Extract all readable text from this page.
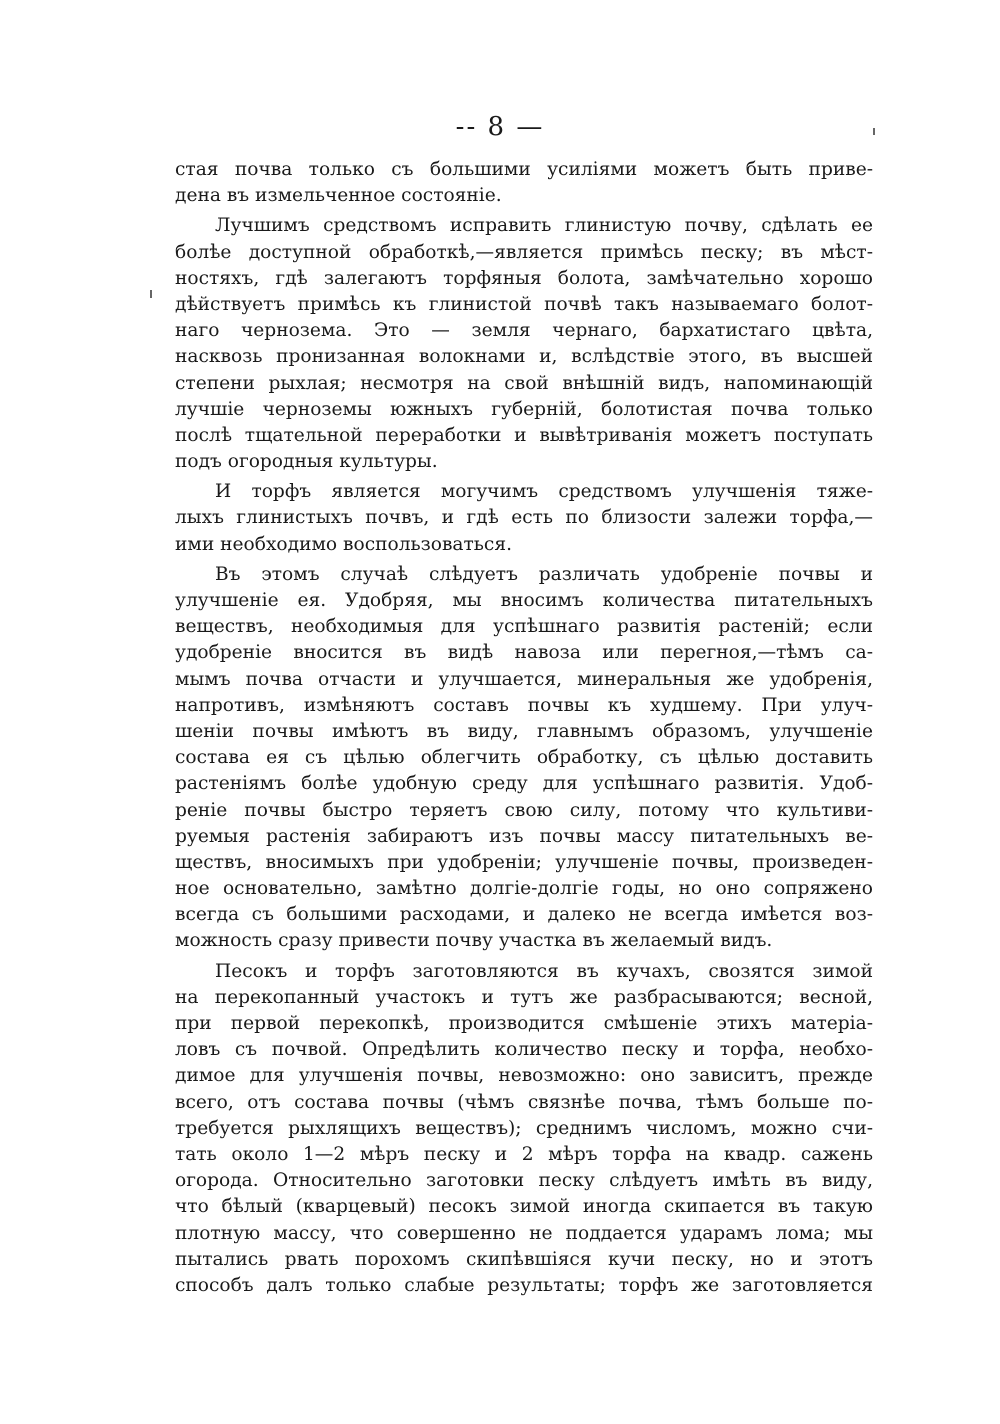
-- 8 —
стая почва только съ большими усиліями можетъ быть приве-
дена въ измельченное состояніе.
Лучшимъ средствомъ исправить глинистую почву, сдѣлать ее
болѣе доступной обработкѣ,—является примѣсь песку; въ мѣст-
ностяхъ, гдѣ залегаютъ торфяныя болота, замѣчательно хорошо
дѣйствуетъ примѣсь къ глинистой почвѣ такъ называемаго болот-
наго чернозема. Это — земля чернаго, бархатистаго цвѣта,
насквозь пронизанная волокнами и, вслѣдствіе этого, въ высшей
степени рыхлая; несмотря на свой внѣшній видъ, напоминающій
лучшіе черноземы южныхъ губерній, болотистая почва только
послѣ тщательной переработки и вывѣтриванія можетъ поступать
подъ огородныя культуры.
И торфъ является могучимъ средствомъ улучшенія тяже-
лыхъ глинистыхъ почвъ, и гдѣ есть по близости залежи торфа,—
ими необходимо воспользоваться.
Въ этомъ случаѣ слѣдуетъ различать удобреніе почвы и
улучшеніе ея. Удобряя, мы вносимъ количества питательныхъ
веществъ, необходимыя для успѣшнаго развитія растеній; если
удобреніе вносится въ видѣ навоза или перегноя,—тѣмъ са-
мымъ почва отчасти и улучшается, минеральныя же удобренія,
напротивъ, измѣняютъ составъ почвы къ худшему. При улуч-
шеніи почвы имѣютъ въ виду, главнымъ образомъ, улучшеніе
состава ея съ цѣлью облегчить обработку, съ цѣлью доставить
растеніямъ болѣе удобную среду для успѣшнаго развитія. Удоб-
реніе почвы быстро теряетъ свою силу, потому что культиви-
руемыя растенія забираютъ изъ почвы массу питательныхъ ве-
ществъ, вносимыхъ при удобреніи; улучшеніе почвы, произведен-
ное основательно, замѣтно долгіе-долгіе годы, но оно сопряжено
всегда съ большими расходами, и далеко не всегда имѣется воз-
можность сразу привести почву участка въ желаемый видъ.
Песокъ и торфъ заготовляются въ кучахъ, свозятся зимой
на перекопанный участокъ и тутъ же разбрасываются; весной,
при первой перекопкѣ, производится смѣшеніе этихъ матеріа-
ловъ съ почвой. Опредѣлить количество песку и торфа, необхо-
димое для улучшенія почвы, невозможно: оно зависитъ, прежде
всего, отъ состава почвы (чѣмъ связнѣе почва, тѣмъ больше по-
требуется рыхлящихъ веществъ); среднимъ числомъ, можно счи-
тать около 1—2 мѣръ песку и 2 мѣръ торфа на квадр. сажень
огорода. Относительно заготовки песку слѣдуетъ имѣть въ виду,
что бѣлый (кварцевый) песокъ зимой иногда скипается въ такую
плотную массу, что совершенно не поддается ударамъ лома; мы
пытались рвать порохомъ скипѣвшіяся кучи песку, но и этотъ
способъ далъ только слабые результаты; торфъ же заготовляется
